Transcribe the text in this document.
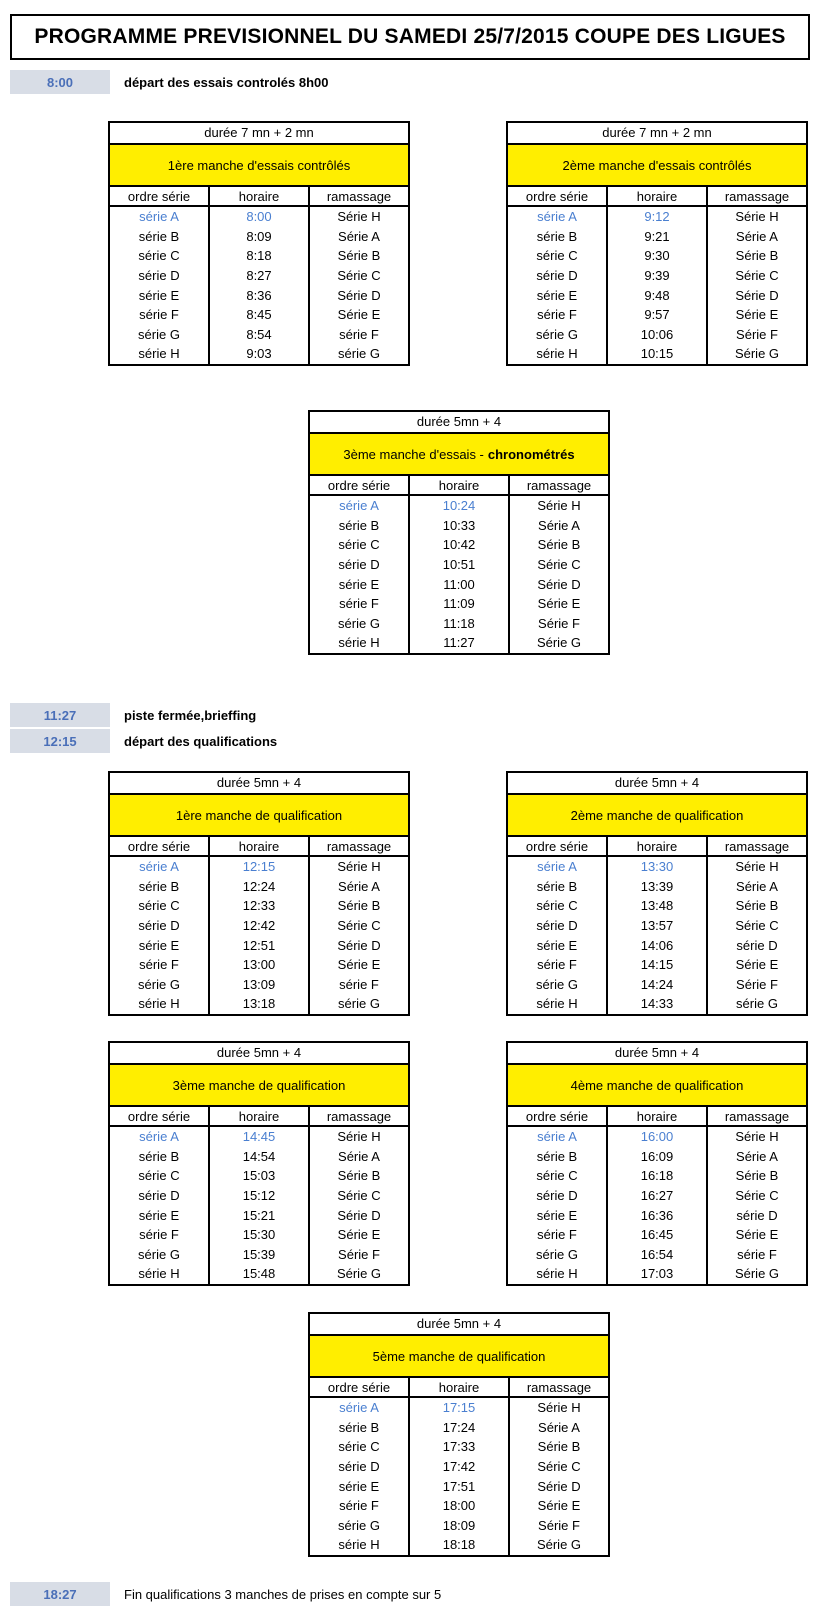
PROGRAMME PREVISIONNEL DU SAMEDI 25/7/2015 COUPE DES LIGUES
8:00	départ des essais controlés 8h00
11:27	piste fermée,brieffing
12:15	départ des qualifications
18:27	Fin qualifications 3 manches de prises en compte sur 5
durée 7 mn + 2 mn
1ère manche d'essais contrôlés
ordre série	horaire	ramassage
série A	8:00	Série H
série B	8:09	Série A
série C	8:18	Série B
série D	8:27	Série C
série E	8:36	Série D
série F	8:45	Série E
série G	8:54	série F
série H	9:03	série G
durée 7 mn + 2 mn
2ème manche d'essais contrôlés
ordre série	horaire	ramassage
série A	9:12	Série H
série B	9:21	Série A
série C	9:30	Série B
série D	9:39	Série C
série E	9:48	Série D
série F	9:57	Série E
série G	10:06	Série F
série H	10:15	Série G
durée 5mn + 4
3ème manche d'essais - chronométrés
ordre série	horaire	ramassage
série A	10:24	Série H
série B	10:33	Série A
série C	10:42	Série B
série D	10:51	Série C
série E	11:00	Série D
série F	11:09	Série E
série G	11:18	Série F
série H	11:27	Série G
durée 5mn + 4
1ère manche de qualification
ordre série	horaire	ramassage
série A	12:15	Série H
série B	12:24	Série A
série C	12:33	Série B
série D	12:42	Série C
série E	12:51	Série D
série F	13:00	Série E
série G	13:09	série F
série H	13:18	série G
durée 5mn + 4
2ème manche de qualification
ordre série	horaire	ramassage
série A	13:30	Série H
série B	13:39	Série A
série C	13:48	Série B
série D	13:57	Série C
série E	14:06	série D
série F	14:15	Série E
série G	14:24	Série F
série H	14:33	série G
durée 5mn + 4
3ème manche de qualification
ordre série	horaire	ramassage
série A	14:45	Série H
série B	14:54	Série A
série C	15:03	Série B
série D	15:12	Série C
série E	15:21	Série D
série F	15:30	Série E
série G	15:39	Série F
série H	15:48	Série G
durée 5mn + 4
4ème manche de qualification
ordre série	horaire	ramassage
série A	16:00	Série H
série B	16:09	Série A
série C	16:18	Série B
série D	16:27	Série C
série E	16:36	série D
série F	16:45	Série E
série G	16:54	série F
série H	17:03	Série G
durée 5mn + 4
5ème manche de qualification
ordre série	horaire	ramassage
série A	17:15	Série H
série B	17:24	Série A
série C	17:33	Série B
série D	17:42	Série C
série E	17:51	Série D
série F	18:00	Série E
série G	18:09	Série F
série H	18:18	Série G
